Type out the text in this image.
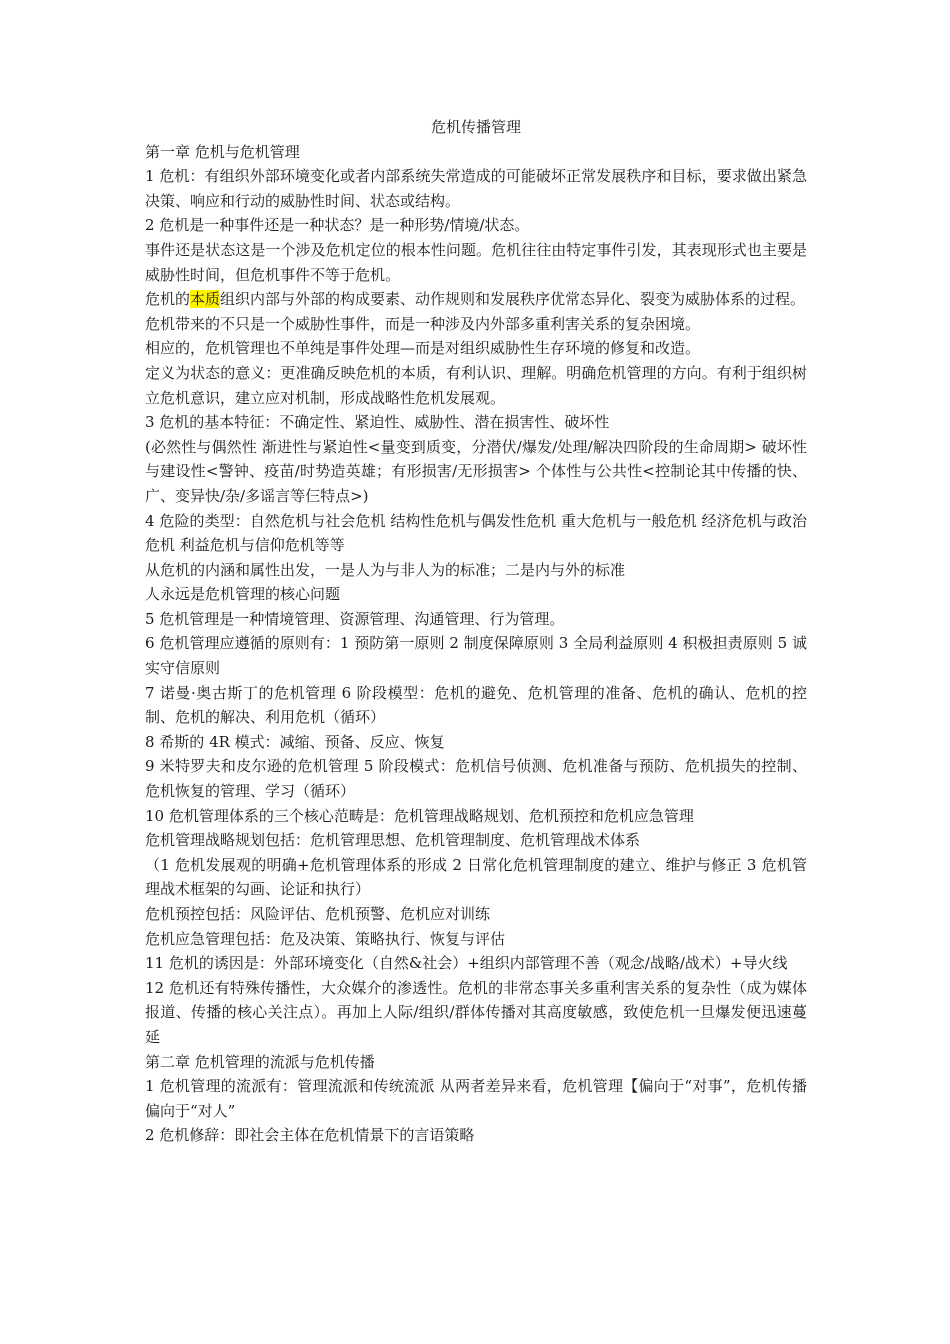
危机传播管理

第一章 危机与危机管理

1 危机：有组织外部环境变化或者内部系统失常造成的可能破坏正常发展秩序和目标，要求做出紧急决策、响应和行动的威胁性时间、状态或结构。

2 危机是一种事件还是一种状态？是一种形势/情境/状态。

事件还是状态这是一个涉及危机定位的根本性问题。危机往往由特定事件引发，其表现形式也主要是威胁性时间，但危机事件不等于危机。

危机的本质组织内部与外部的构成要素、动作规则和发展秩序优常态异化、裂变为威胁体系的过程。

危机带来的不只是一个威胁性事件，而是一种涉及内外部多重利害关系的复杂困境。

相应的，危机管理也不单纯是事件处理—而是对组织威胁性生存环境的修复和改造。

定义为状态的意义：更准确反映危机的本质，有利认识、理解。明确危机管理的方向。有利于组织树立危机意识，建立应对机制，形成战略性危机发展观。

3 危机的基本特征：不确定性、紧迫性、威胁性、潜在损害性、破坏性

(必然性与偶然性 渐进性与紧迫性<量变到质变，分潜伏/爆发/处理/解决四阶段的生命周期> 破坏性与建设性<警钟、疫苗/时势造英雄；有形损害/无形损害> 个体性与公共性<控制论其中传播的快、广、变异快/杂/多谣言等仨特点>)

4 危险的类型：自然危机与社会危机 结构性危机与偶发性危机 重大危机与一般危机 经济危机与政治危机 利益危机与信仰危机等等

从危机的内涵和属性出发，一是人为与非人为的标准；二是内与外的标准

人永远是危机管理的核心问题

5 危机管理是一种情境管理、资源管理、沟通管理、行为管理。

6 危机管理应遵循的原则有：1 预防第一原则 2 制度保障原则 3 全局利益原则 4 积极担责原则 5 诚实守信原则

7 诺曼·奥古斯丁的危机管理 6 阶段模型：危机的避免、危机管理的准备、危机的确认、危机的控制、危机的解决、利用危机（循环）

8 希斯的 4R 模式：减缩、预备、反应、恢复

9 米特罗夫和皮尔逊的危机管理 5 阶段模式：危机信号侦测、危机准备与预防、危机损失的控制、危机恢复的管理、学习（循环）

10 危机管理体系的三个核心范畴是：危机管理战略规划、危机预控和危机应急管理

危机管理战略规划包括：危机管理思想、危机管理制度、危机管理战术体系

（1 危机发展观的明确+危机管理体系的形成 2 日常化危机管理制度的建立、维护与修正 3 危机管理战术框架的勾画、论证和执行）

危机预控包括：风险评估、危机预警、危机应对训练

危机应急管理包括：危及决策、策略执行、恢复与评估

11 危机的诱因是：外部环境变化（自然&社会）+组织内部管理不善（观念/战略/战术）+导火线

12 危机还有特殊传播性，大众媒介的渗透性。危机的非常态事关多重利害关系的复杂性（成为媒体报道、传播的核心关注点）。再加上人际/组织/群体传播对其高度敏感，致使危机一旦爆发便迅速蔓延

第二章 危机管理的流派与危机传播

1 危机管理的流派有：管理流派和传统流派 从两者差异来看，危机管理【偏向于“对事”，危机传播偏向于“对人”

2 危机修辞：即社会主体在危机情景下的言语策略
